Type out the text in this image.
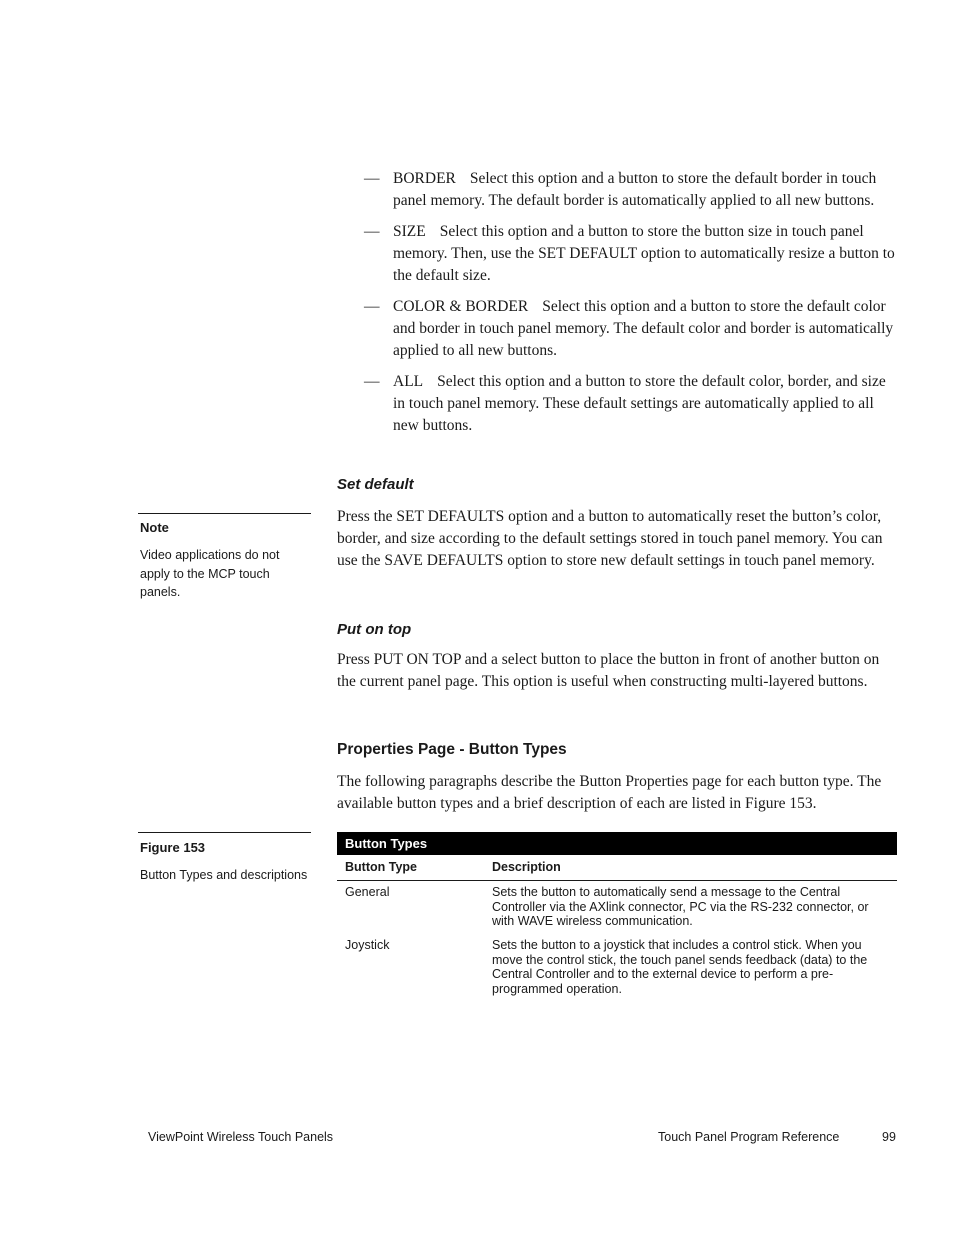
— BORDER Select this option and a button to store the default border in touch panel memory. The default border is automatically applied to all new buttons.
— SIZE Select this option and a button to store the button size in touch panel memory. Then, use the SET DEFAULT option to automatically resize a button to the default size.
— COLOR & BORDER Select this option and a button to store the default color and border in touch panel memory. The default color and border is automatically applied to all new buttons.
— ALL Select this option and a button to store the default color, border, and size in touch panel memory. These default settings are automatically applied to all new buttons.
Set default
Press the SET DEFAULTS option and a button to automatically reset the button’s color, border, and size according to the default settings stored in touch panel memory. You can use the SAVE DEFAULTS option to store new default settings in touch panel memory.
Note
Video applications do not apply to the MCP touch panels.
Put on top
Press PUT ON TOP and a select button to place the button in front of another button on the current panel page. This option is useful when constructing multi-layered buttons.
Properties Page - Button Types
The following paragraphs describe the Button Properties page for each button type. The available button types and a brief description of each are listed in Figure 153.
Figure 153
Button Types and descriptions
Button Types
Button Type	Description
General	Sets the button to automatically send a message to the Central Controller via the AXlink connector, PC via the RS-232 connector, or with WAVE wireless communication.
Joystick	Sets the button to a joystick that includes a control stick. When you move the control stick, the touch panel sends feedback (data) to the Central Controller and to the external device to perform a pre-programmed operation.
ViewPoint Wireless Touch Panels	Touch Panel Program Reference	99
